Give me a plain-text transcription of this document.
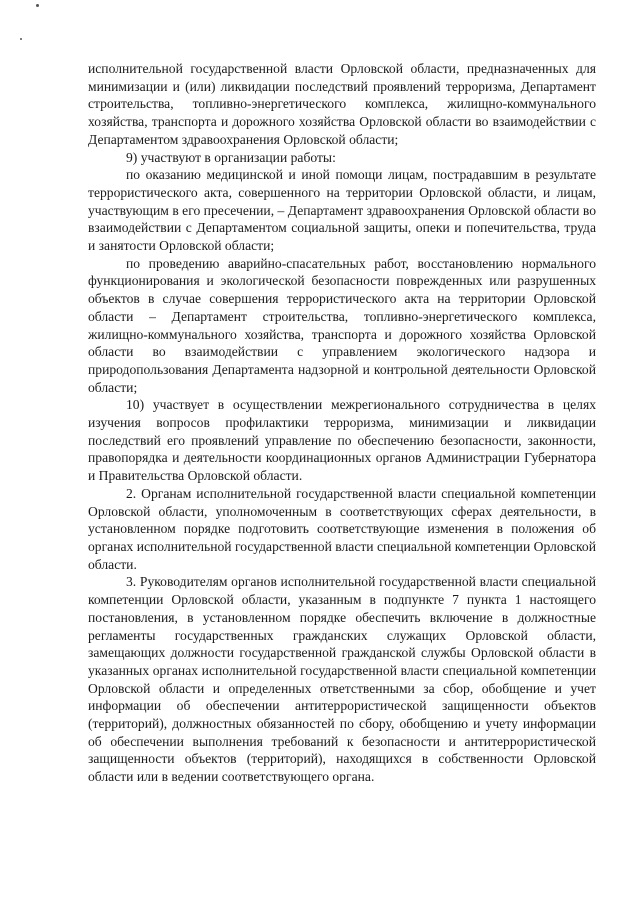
исполнительной государственной власти Орловской области, предназначенных для минимизации и (или) ликвидации последствий проявлений терроризма, Департамент строительства, топливно-энергетического комплекса, жилищно-коммунального хозяйства, транспорта и дорожного хозяйства Орловской области во взаимодействии с Департаментом здравоохранения Орловской области;

9) участвуют в организации работы:

по оказанию медицинской и иной помощи лицам, пострадавшим в результате террористического акта, совершенного на территории Орловской области, и лицам, участвующим в его пресечении, – Департамент здравоохранения Орловской области во взаимодействии с Департаментом социальной защиты, опеки и попечительства, труда и занятости Орловской области;

по проведению аварийно-спасательных работ, восстановлению нормального функционирования и экологической безопасности поврежденных или разрушенных объектов в случае совершения террористического акта на территории Орловской области – Департамент строительства, топливно-энергетического комплекса, жилищно-коммунального хозяйства, транспорта и дорожного хозяйства Орловской области во взаимодействии с управлением экологического надзора и природопользования Департамента надзорной и контрольной деятельности Орловской области;

10) участвует в осуществлении межрегионального сотрудничества в целях изучения вопросов профилактики терроризма, минимизации и ликвидации последствий его проявлений управление по обеспечению безопасности, законности, правопорядка и деятельности координационных органов Администрации Губернатора и Правительства Орловской области.

2. Органам исполнительной государственной власти специальной компетенции Орловской области, уполномоченным в соответствующих сферах деятельности, в установленном порядке подготовить соответствующие изменения в положения об органах исполнительной государственной власти специальной компетенции Орловской области.

3. Руководителям органов исполнительной государственной власти специальной компетенции Орловской области, указанным в подпункте 7 пункта 1 настоящего постановления, в установленном порядке обеспечить включение в должностные регламенты государственных гражданских служащих Орловской области, замещающих должности государственной гражданской службы Орловской области в указанных органах исполнительной государственной власти специальной компетенции Орловской области и определенных ответственными за сбор, обобщение и учет информации об обеспечении антитеррористической защищенности объектов (территорий), должностных обязанностей по сбору, обобщению и учету информации об обеспечении выполнения требований к безопасности и антитеррористической защищенности объектов (территорий), находящихся в собственности Орловской области или в ведении соответствующего органа.
